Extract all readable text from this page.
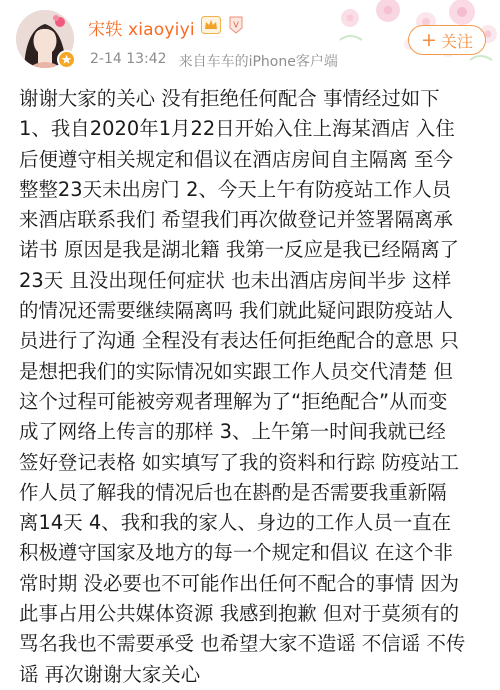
宋轶 xiaoyiyi	V
2-14 13:42 来自车车的iPhone客户端
+ 关注
谢谢大家的关心 没有拒绝任何配合 事情经过如下
1、我自2020年1月22日开始入住上海某酒店 入住
后便遵守相关规定和倡议在酒店房间自主隔离 至今
整整23天未出房门 2、今天上午有防疫站工作人员
来酒店联系我们 希望我们再次做登记并签署隔离承
诺书 原因是我是湖北籍 我第一反应是我已经隔离了
23天 且没出现任何症状 也未出酒店房间半步 这样
的情况还需要继续隔离吗 我们就此疑问跟防疫站人
员进行了沟通 全程没有表达任何拒绝配合的意思 只
是想把我们的实际情况如实跟工作人员交代清楚 但
这个过程可能被旁观者理解为了“拒绝配合”从而变
成了网络上传言的那样 3、上午第一时间我就已经
签好登记表格 如实填写了我的资料和行踪 防疫站工
作人员了解我的情况后也在斟酌是否需要我重新隔
离14天 4、我和我的家人、身边的工作人员一直在
积极遵守国家及地方的每一个规定和倡议 在这个非
常时期 没必要也不可能作出任何不配合的事情 因为
此事占用公共媒体资源 我感到抱歉 但对于莫须有的
骂名我也不需要承受 也希望大家不造谣 不信谣 不传
谣 再次谢谢大家关心
